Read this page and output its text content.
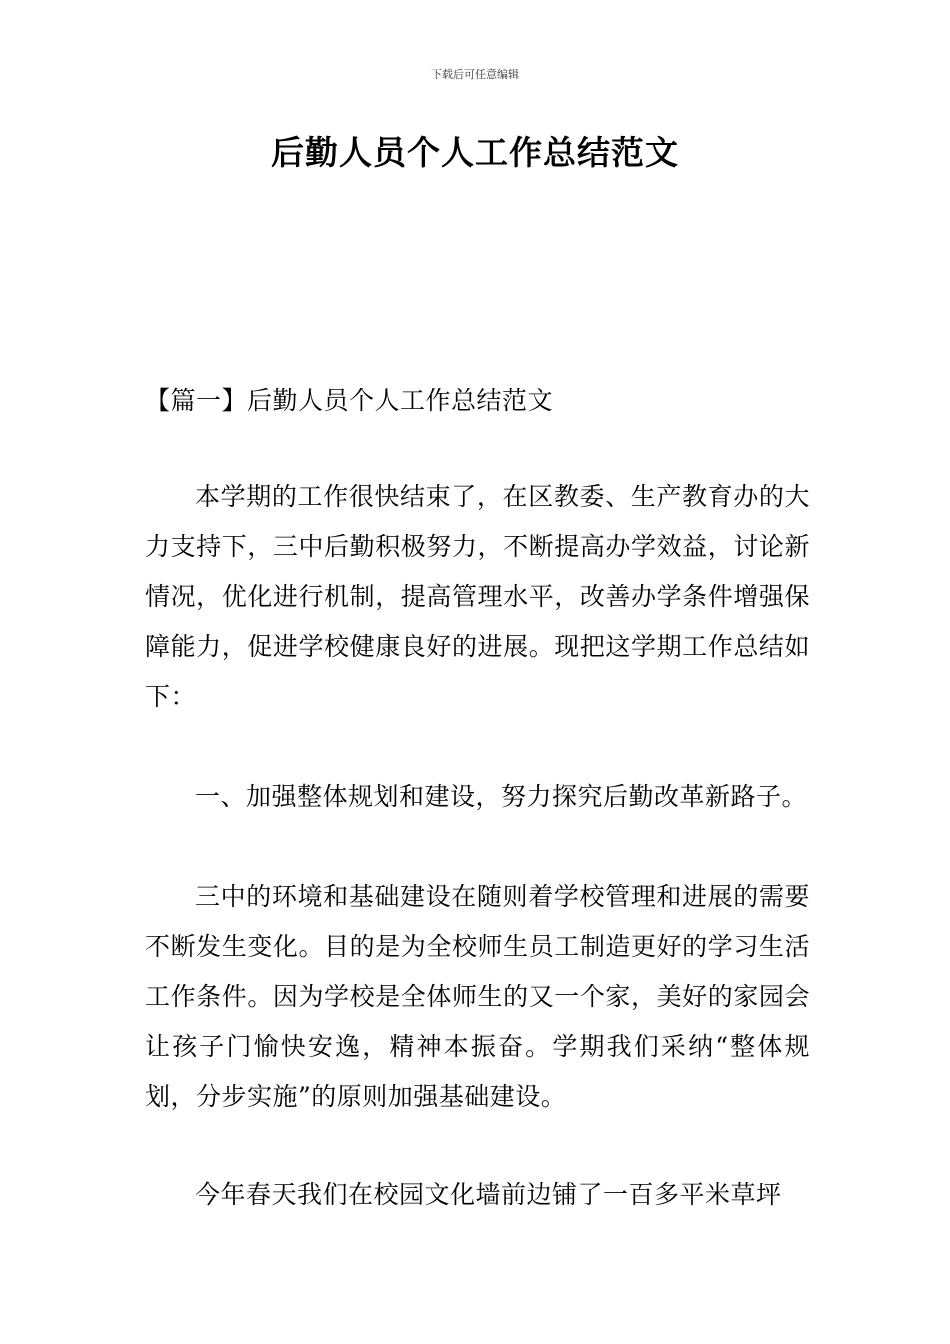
下载后可任意编辑
后勤人员个人工作总结范文
【篇一】后勤人员个人工作总结范文
本学期的工作很快结束了，在区教委、生产教育办的大力支持下，三中后勤积极努力，不断提高办学效益，讨论新情况，优化进行机制，提高管理水平，改善办学条件增强保障能力，促进学校健康良好的进展。现把这学期工作总结如下：
一、加强整体规划和建设，努力探究后勤改革新路子。
三中的环境和基础建设在随则着学校管理和进展的需要不断发生变化。目的是为全校师生员工制造更好的学习生活工作条件。因为学校是全体师生的又一个家，美好的家园会让孩子门愉快安逸，精神本振奋。学期我们采纳“整体规划，分步实施”的原则加强基础建设。
今年春天我们在校园文化墙前边铺了一百多平米草坪
